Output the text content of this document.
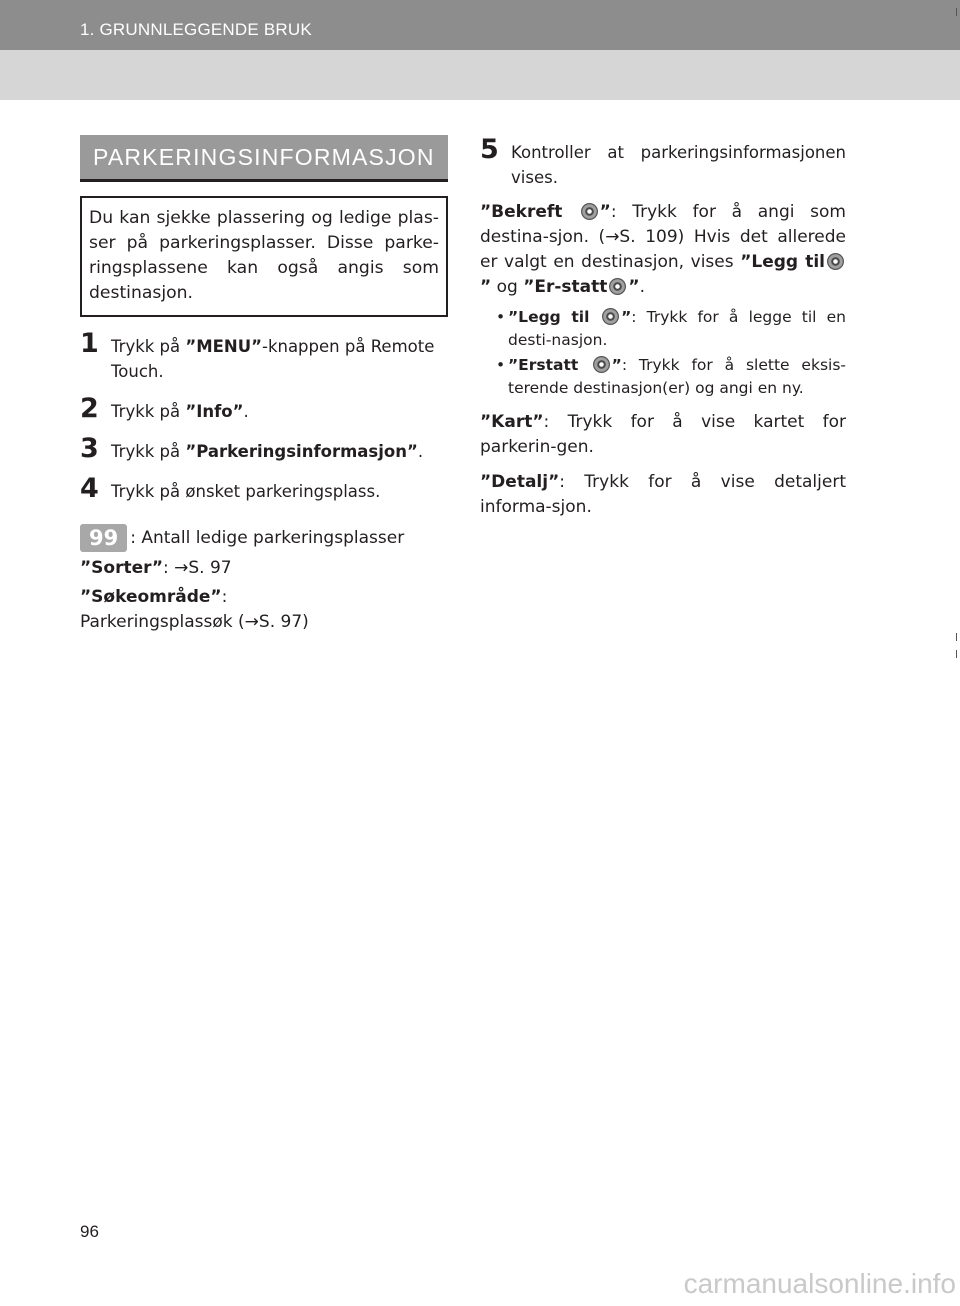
1. GRUNNLEGGENDE BRUK
PARKERINGSINFORMASJON
Du kan sjekke plassering og ledige plas-ser på parkeringsplasser. Disse parke-ringsplassene kan også angis som destinasjon.
1 Trykk på ”MENU”-knappen på Remote Touch.
2 Trykk på ”Info”.
3 Trykk på ”Parkeringsinformasjon”.
4 Trykk på ønsket parkeringsplass.
99 : Antall ledige parkeringsplasser
”Sorter”: →S. 97
”Søkeområde”: Parkeringsplassøk (→S. 97)
5 Kontroller at parkeringsinformasjonen vises.
”Bekreft ”: Trykk for å angi som destina-sjon. (→S. 109) Hvis det allerede er valgt en destinasjon, vises ”Legg til” og ”Er-statt ”.
• ”Legg til ”: Trykk for å legge til en desti-nasjon.
• ”Erstatt ”: Trykk for å slette eksis-terende destinasjon(er) og angi en ny.
”Kart”: Trykk for å vise kartet for parkerin-gen.
”Detalj”: Trykk for å vise detaljert informa-sjon.
96
carmanualsonline.info
